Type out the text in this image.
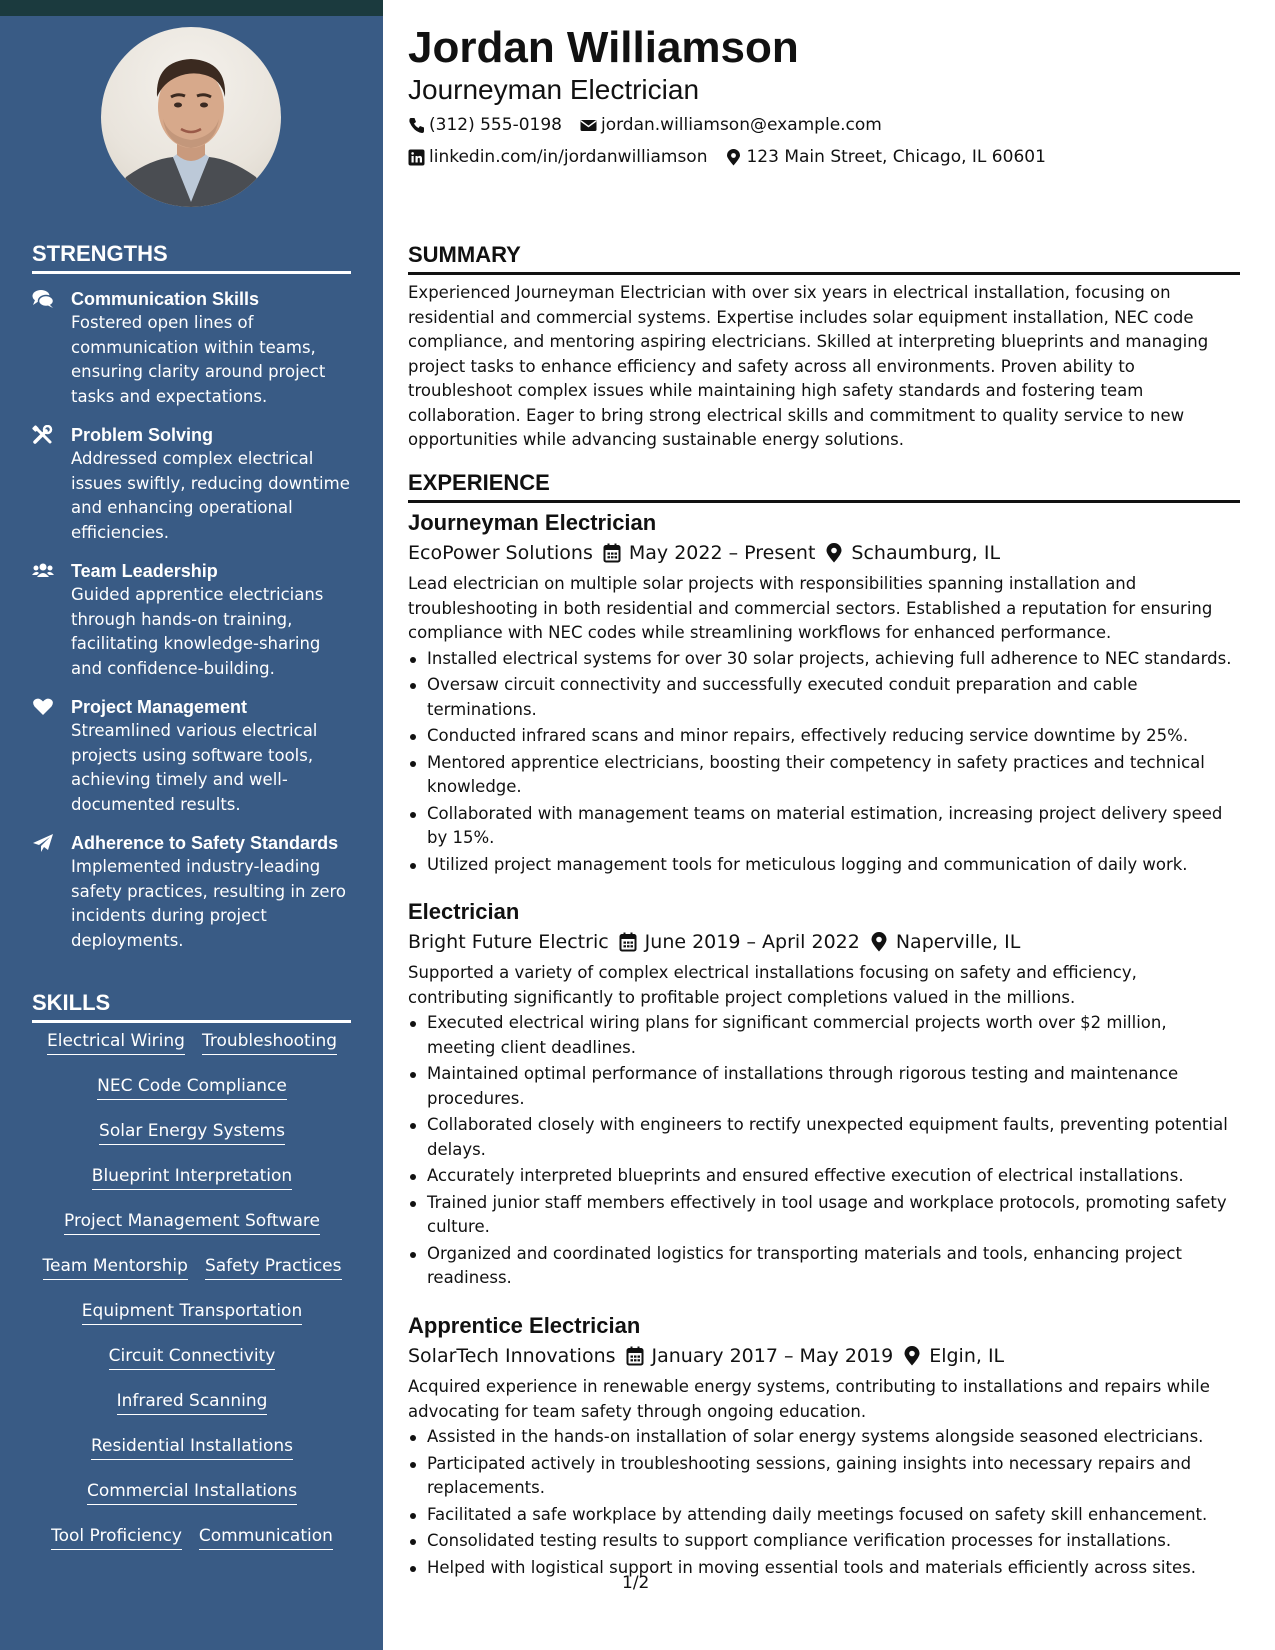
STRENGTHS
Communication Skills
Fostered open lines of communication within teams, ensuring clarity around project tasks and expectations.
Problem Solving
Addressed complex electrical issues swiftly, reducing downtime and enhancing operational efficiencies.
Team Leadership
Guided apprentice electricians through hands-on training, facilitating knowledge-sharing and confidence-building.
Project Management
Streamlined various electrical projects using software tools, achieving timely and well-documented results.
Adherence to Safety Standards
Implemented industry-leading safety practices, resulting in zero incidents during project deployments.
SKILLS
Electrical Wiring Troubleshooting
NEC Code Compliance
Solar Energy Systems
Blueprint Interpretation
Project Management Software
Team Mentorship Safety Practices
Equipment Transportation
Circuit Connectivity
Infrared Scanning
Residential Installations
Commercial Installations
Tool Proficiency Communication
Jordan Williamson
Journeyman Electrician
(312) 555-0198 jordan.williamson@example.com
linkedin.com/in/jordanwilliamson 123 Main Street, Chicago, IL 60601
SUMMARY
Experienced Journeyman Electrician with over six years in electrical installation, focusing on residential and commercial systems. Expertise includes solar equipment installation, NEC code compliance, and mentoring aspiring electricians. Skilled at interpreting blueprints and managing project tasks to enhance efficiency and safety across all environments. Proven ability to troubleshoot complex issues while maintaining high safety standards and fostering team collaboration. Eager to bring strong electrical skills and commitment to quality service to new opportunities while advancing sustainable energy solutions.
EXPERIENCE
Journeyman Electrician
EcoPower Solutions May 2022 – Present Schaumburg, IL
Lead electrician on multiple solar projects with responsibilities spanning installation and troubleshooting in both residential and commercial sectors. Established a reputation for ensuring compliance with NEC codes while streamlining workflows for enhanced performance.
Installed electrical systems for over 30 solar projects, achieving full adherence to NEC standards.
Oversaw circuit connectivity and successfully executed conduit preparation and cable terminations.
Conducted infrared scans and minor repairs, effectively reducing service downtime by 25%.
Mentored apprentice electricians, boosting their competency in safety practices and technical knowledge.
Collaborated with management teams on material estimation, increasing project delivery speed by 15%.
Utilized project management tools for meticulous logging and communication of daily work.
Electrician
Bright Future Electric June 2019 – April 2022 Naperville, IL
Supported a variety of complex electrical installations focusing on safety and efficiency, contributing significantly to profitable project completions valued in the millions.
Executed electrical wiring plans for significant commercial projects worth over $2 million, meeting client deadlines.
Maintained optimal performance of installations through rigorous testing and maintenance procedures.
Collaborated closely with engineers to rectify unexpected equipment faults, preventing potential delays.
Accurately interpreted blueprints and ensured effective execution of electrical installations.
Trained junior staff members effectively in tool usage and workplace protocols, promoting safety culture.
Organized and coordinated logistics for transporting materials and tools, enhancing project readiness.
Apprentice Electrician
SolarTech Innovations January 2017 – May 2019 Elgin, IL
Acquired experience in renewable energy systems, contributing to installations and repairs while advocating for team safety through ongoing education.
Assisted in the hands-on installation of solar energy systems alongside seasoned electricians.
Participated actively in troubleshooting sessions, gaining insights into necessary repairs and replacements.
Facilitated a safe workplace by attending daily meetings focused on safety skill enhancement.
Consolidated testing results to support compliance verification processes for installations.
Helped with logistical support in moving essential tools and materials efficiently across sites.
1/2
